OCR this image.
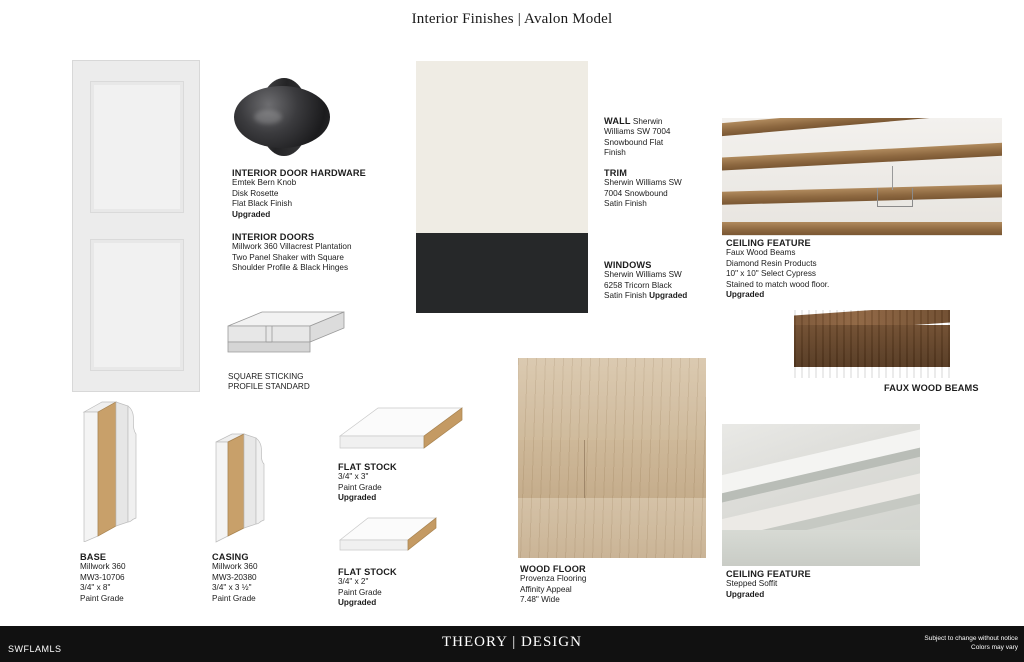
Interior Finishes | Avalon Model
INTERIOR DOOR HARDWARE
Emtek Bern Knob
Disk Rosette
Flat Black Finish
Upgraded
INTERIOR DOORS
Millwork 360 Villacrest Plantation
Two Panel Shaker with Square
Shoulder Profile & Black Hinges
SQUARE STICKING
PROFILE STANDARD
WALL Sherwin
Williams SW 7004
Snowbound Flat
Finish
TRIM
Sherwin Williams SW
7004 Snowbound
Satin Finish
WINDOWS
Sherwin Williams SW
6258 Tricorn Black
Satin Finish Upgraded
CEILING FEATURE
Faux Wood Beams
Diamond Resin Products
10" x 10" Select Cypress
Stained to match wood floor.
Upgraded
FAUX WOOD BEAMS
BASE
Millwork 360
MW3-10706
3/4" x 8"
Paint Grade
CASING
Millwork 360
MW3-20380
3/4" x 3 ½"
Paint Grade
FLAT STOCK
3/4" x 3"
Paint Grade
Upgraded
FLAT STOCK
3/4" x 2"
Paint Grade
Upgraded
WOOD FLOOR
Provenza Flooring
Affinity Appeal
7.48" Wide
CEILING FEATURE
Stepped Soffit
Upgraded
THEORY | DESIGN
SWFLAMLS
Subject to change without notice
Colors may vary
